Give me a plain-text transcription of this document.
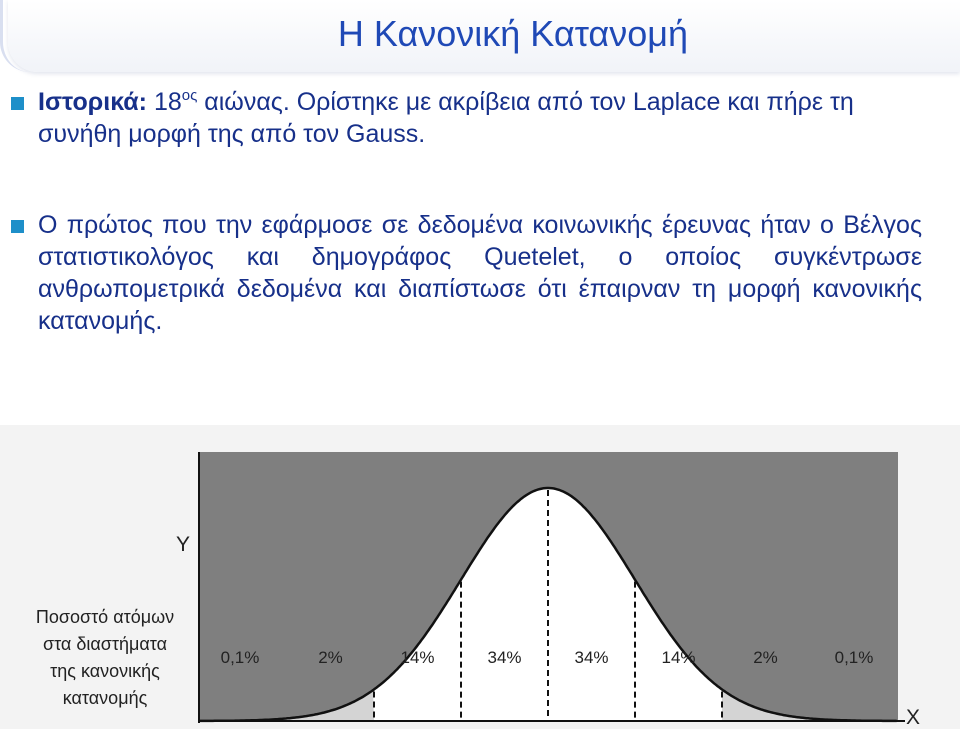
Η Κανονική Κατανομή
Ιστορικά: $18^{o\varsigma}$ αιώνας. Ορίστηκε με ακρίβεια από τον Laplace και πήρε τη συνήθη μορφή της από τον Gauss.
Ο πρώτος που την εφάρμοσε σε δεδομένα κοινωνικής έρευνας ήταν ο Βέλγος στατιστικολόγος και δημογράφος Quetelet, ο οποίος συγκέντρωσε ανθρωπομετρικά δεδομένα και διαπίστωσε ότι έπαιρναν τη μορφή κανονικής κατανομής.
0,1%	2%	14%	34%	34%	14%	2%	0,1%
Y
X
Ποσοστό ατόμων
στα διαστήματα
της κανονικής
κατανομής
